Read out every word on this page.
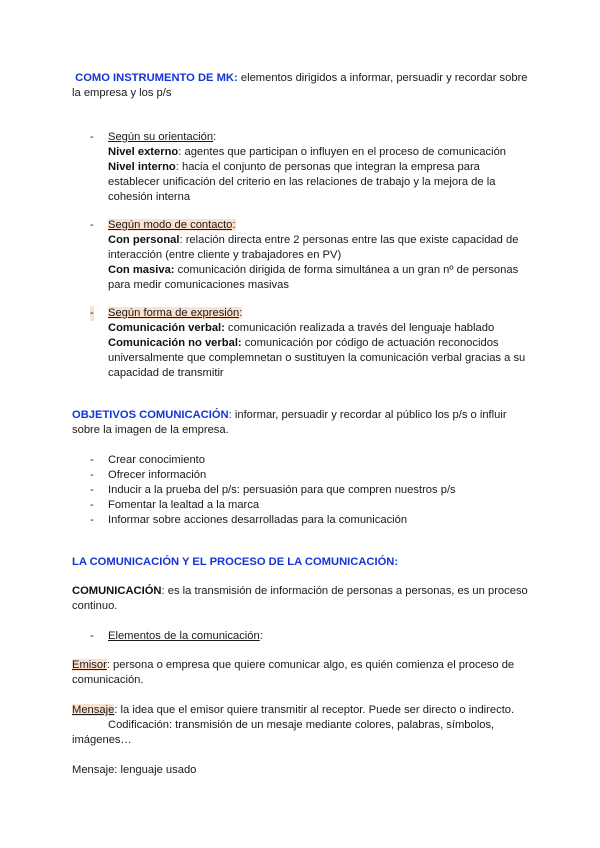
COMO INSTRUMENTO DE MK: elementos dirigidos a informar, persuadir y recordar sobre la empresa y los p/s
- Según su orientación:
Nivel externo: agentes que participan o influyen en el proceso de comunicación
Nivel interno: hacia el conjunto de personas que integran la empresa para establecer unificación del criterio en las relaciones de trabajo y la mejora de la cohesión interna
- Según modo de contacto:
Con personal: relación directa entre 2 personas entre las que existe capacidad de interacción (entre cliente y trabajadores en PV)
Con masiva: comunicación dirigida de forma simultánea a un gran nº de personas para medir comunicaciones masivas
- Según forma de expresión:
Comunicación verbal: comunicación realizada a través del lenguaje hablado
Comunicación no verbal: comunicación por código de actuación reconocidos universalmente que complemnetan o sustituyen la comunicación verbal gracias a su capacidad de transmitir
OBJETIVOS COMUNICACIÓN: informar, persuadir y recordar al público los p/s o influir sobre la imagen de la empresa.
- Crear conocimiento
- Ofrecer información
- Inducir a la prueba del p/s: persuasión para que compren nuestros p/s
- Fomentar la lealtad a la marca
- Informar sobre acciones desarrolladas para la comunicación
LA COMUNICACIÓN Y EL PROCESO DE LA COMUNICACIÓN:
COMUNICACIÓN: es la transmisión de información de personas a personas, es un proceso continuo.
- Elementos de la comunicación:
Emisor: persona o empresa que quiere comunicar algo, es quién comienza el proceso de comunicación.
Mensaje: la idea que el emisor quiere transmitir al receptor. Puede ser directo o indirecto.
Codificación: transmisión de un mesaje mediante colores, palabras, símbolos, imágenes…
Mensaje: lenguaje usado
